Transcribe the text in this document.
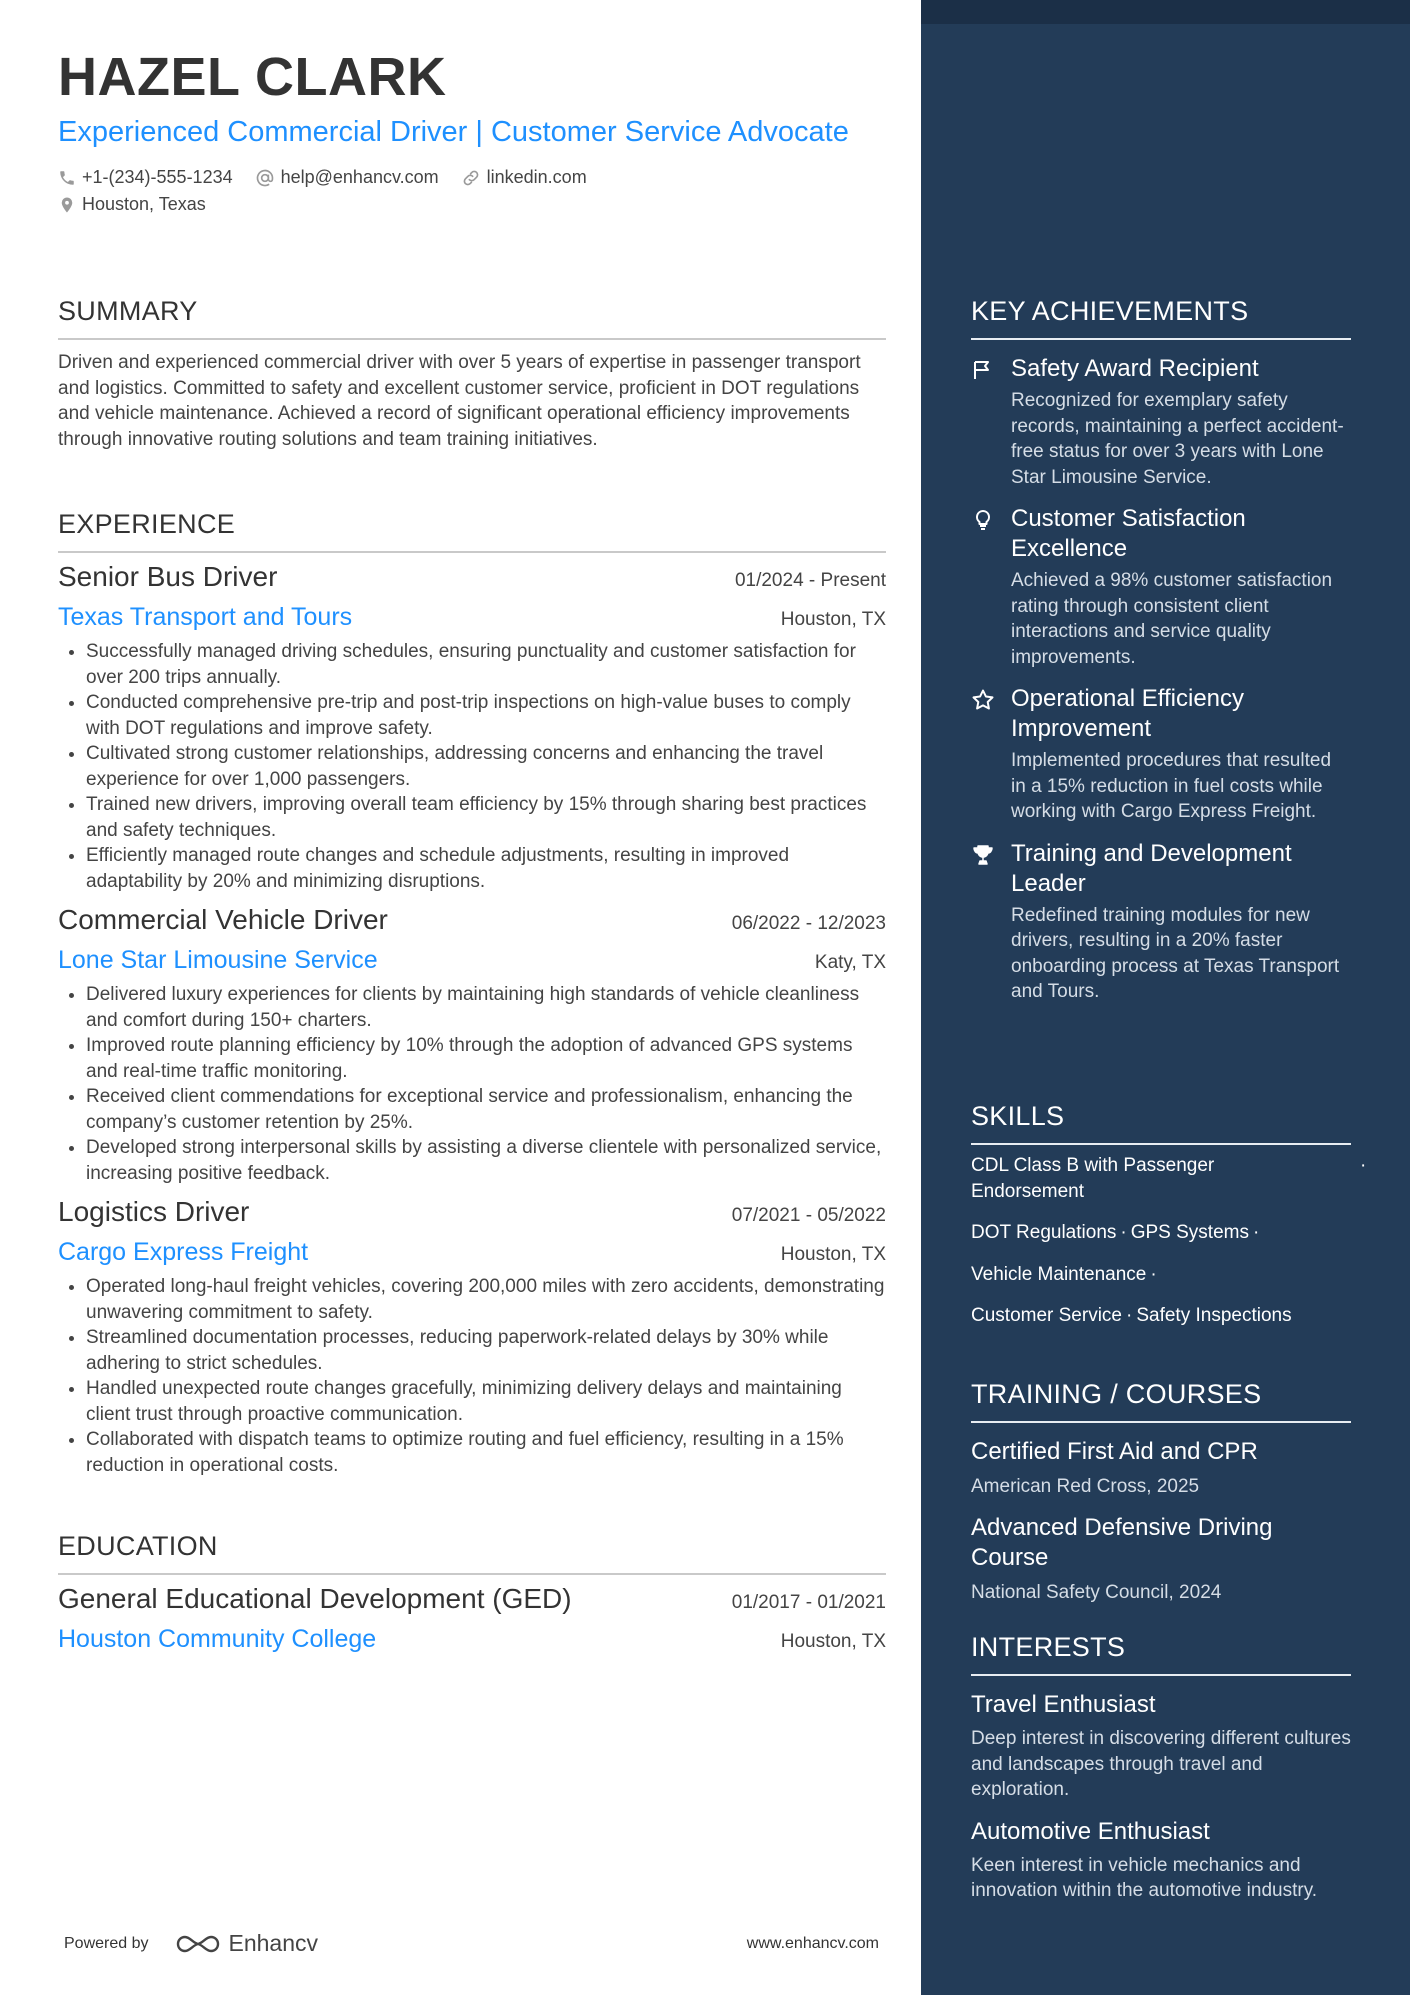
HAZEL CLARK
Experienced Commercial Driver | Customer Service Advocate
+1-(234)-555-1234	help@enhancv.com	linkedin.com
Houston, Texas
SUMMARY
Driven and experienced commercial driver with over 5 years of expertise in passenger transport and logistics. Committed to safety and excellent customer service, proficient in DOT regulations and vehicle maintenance. Achieved a record of significant operational efficiency improvements through innovative routing solutions and team training initiatives.
EXPERIENCE
Senior Bus Driver	01/2024 - Present
Texas Transport and Tours	Houston, TX
• Successfully managed driving schedules, ensuring punctuality and customer satisfaction for over 200 trips annually.
• Conducted comprehensive pre-trip and post-trip inspections on high-value buses to comply with DOT regulations and improve safety.
• Cultivated strong customer relationships, addressing concerns and enhancing the travel experience for over 1,000 passengers.
• Trained new drivers, improving overall team efficiency by 15% through sharing best practices and safety techniques.
• Efficiently managed route changes and schedule adjustments, resulting in improved adaptability by 20% and minimizing disruptions.
Commercial Vehicle Driver	06/2022 - 12/2023
Lone Star Limousine Service	Katy, TX
• Delivered luxury experiences for clients by maintaining high standards of vehicle cleanliness and comfort during 150+ charters.
• Improved route planning efficiency by 10% through the adoption of advanced GPS systems and real-time traffic monitoring.
• Received client commendations for exceptional service and professionalism, enhancing the company’s customer retention by 25%.
• Developed strong interpersonal skills by assisting a diverse clientele with personalized service, increasing positive feedback.
Logistics Driver	07/2021 - 05/2022
Cargo Express Freight	Houston, TX
• Operated long-haul freight vehicles, covering 200,000 miles with zero accidents, demonstrating unwavering commitment to safety.
• Streamlined documentation processes, reducing paperwork-related delays by 30% while adhering to strict schedules.
• Handled unexpected route changes gracefully, minimizing delivery delays and maintaining client trust through proactive communication.
• Collaborated with dispatch teams to optimize routing and fuel efficiency, resulting in a 15% reduction in operational costs.
EDUCATION
General Educational Development (GED)	01/2017 - 01/2021
Houston Community College	Houston, TX
Powered by	Enhancv	www.enhancv.com
KEY ACHIEVEMENTS
Safety Award Recipient
Recognized for exemplary safety records, maintaining a perfect accident-free status for over 3 years with Lone Star Limousine Service.
Customer Satisfaction Excellence
Achieved a 98% customer satisfaction rating through consistent client interactions and service quality improvements.
Operational Efficiency Improvement
Implemented procedures that resulted in a 15% reduction in fuel costs while working with Cargo Express Freight.
Training and Development Leader
Redefined training modules for new drivers, resulting in a 20% faster onboarding process at Texas Transport and Tours.
SKILLS
CDL Class B with Passenger Endorsement
·
DOT Regulations · GPS Systems ·
Vehicle Maintenance ·
Customer Service · Safety Inspections
TRAINING / COURSES
Certified First Aid and CPR
American Red Cross, 2025
Advanced Defensive Driving Course
National Safety Council, 2024
INTERESTS
Travel Enthusiast
Deep interest in discovering different cultures and landscapes through travel and exploration.
Automotive Enthusiast
Keen interest in vehicle mechanics and innovation within the automotive industry.
